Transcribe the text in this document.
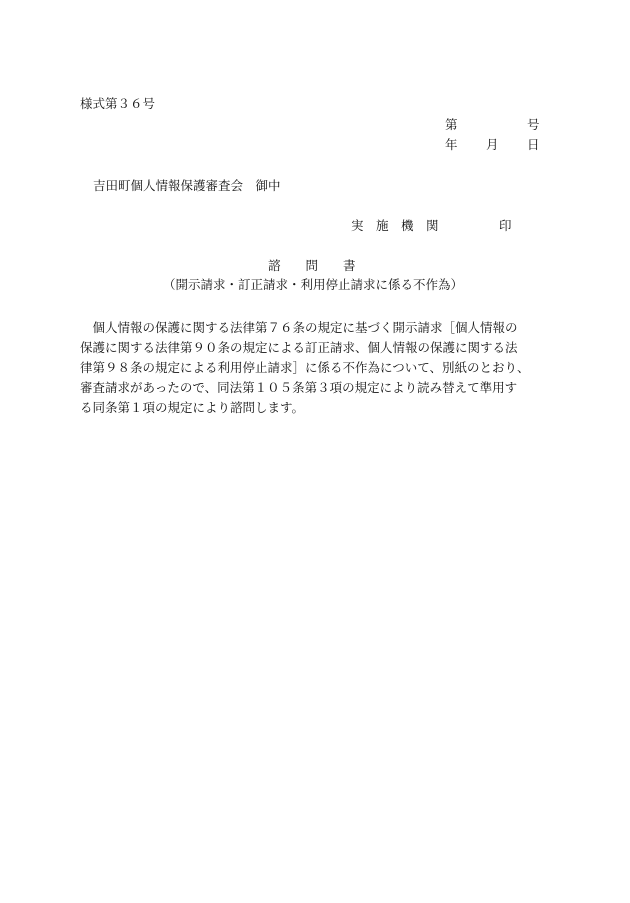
様式第３６号
第	号
年 月 日
吉田町個人情報保護審査会　御中
実　施　機　関	印
諮　　問　　書
（開示請求・訂正請求・利用停止請求に係る不作為）
　個人情報の保護に関する法律第７６条の規定に基づく開示請求［個人情報の
保護に関する法律第９０条の規定による訂正請求、個人情報の保護に関する法
律第９８条の規定による利用停止請求］に係る不作為について、別紙のとおり、
審査請求があったので、同法第１０５条第３項の規定により読み替えて準用す
る同条第１項の規定により諮問します。
